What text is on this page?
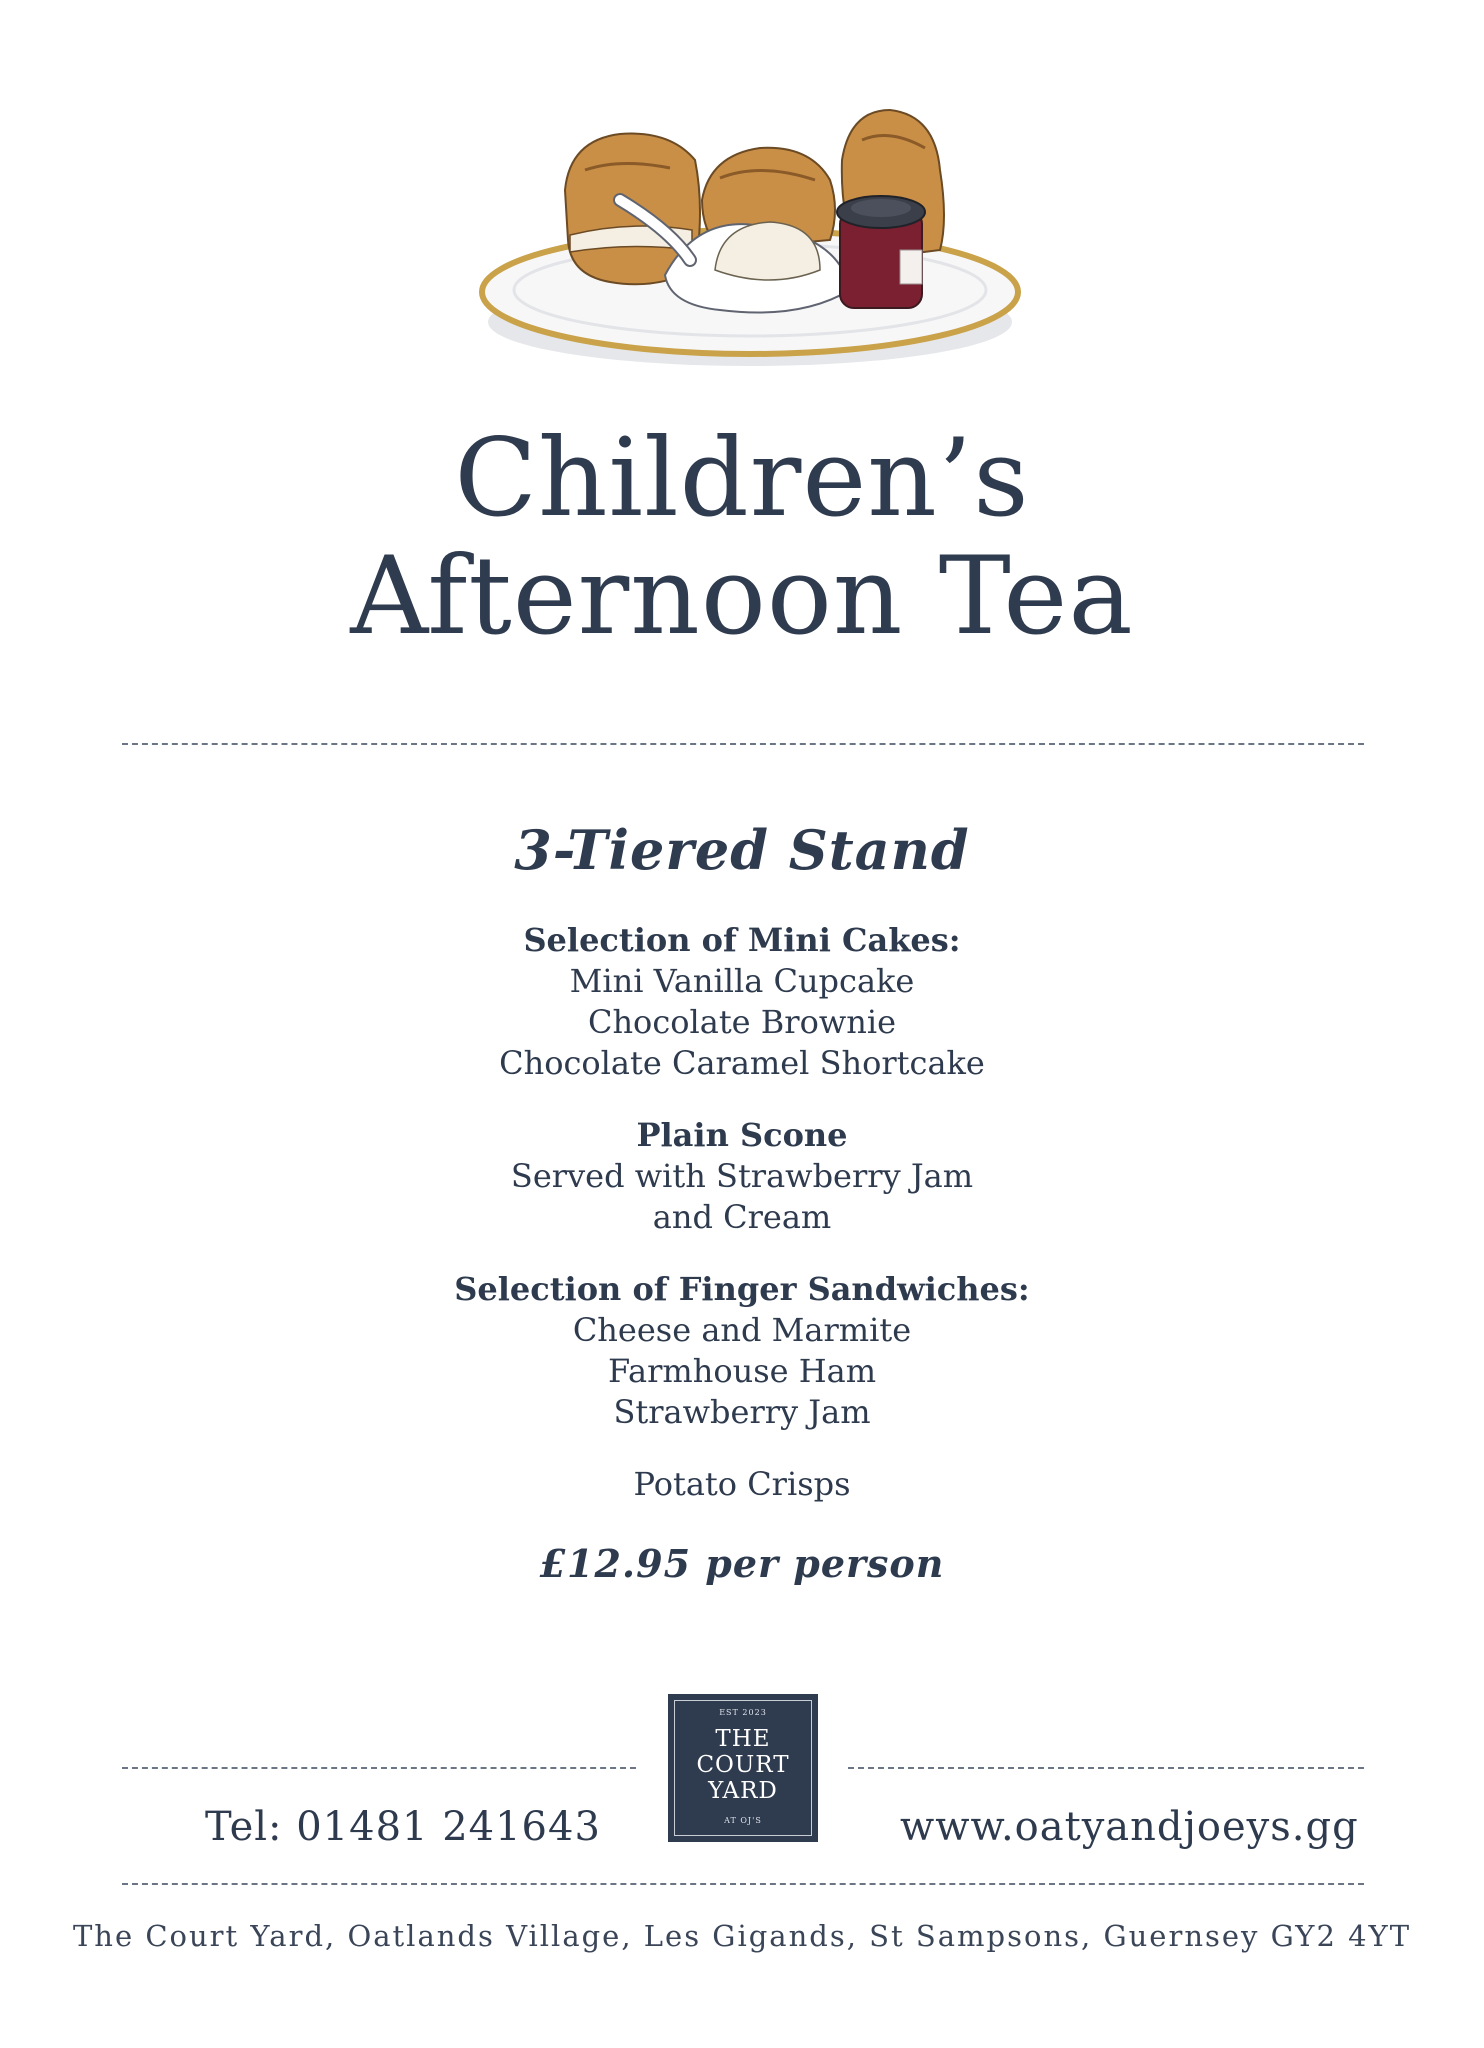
Children’s
Afternoon Tea
3-Tiered Stand
Selection of Mini Cakes:
Mini Vanilla Cupcake
Chocolate Brownie
Chocolate Caramel Shortcake
Plain Scone
Served with Strawberry Jam
and Cream
Selection of Finger Sandwiches:
Cheese and Marmite
Farmhouse Ham
Strawberry Jam
Potato Crisps
£12.95 per person
EST 2023
THE
COURT
YARD
AT OJ'S
Tel: 01481 241643	www.oatyandjoeys.gg
The Court Yard, Oatlands Village, Les Gigands, St Sampsons, Guernsey GY2 4YT
